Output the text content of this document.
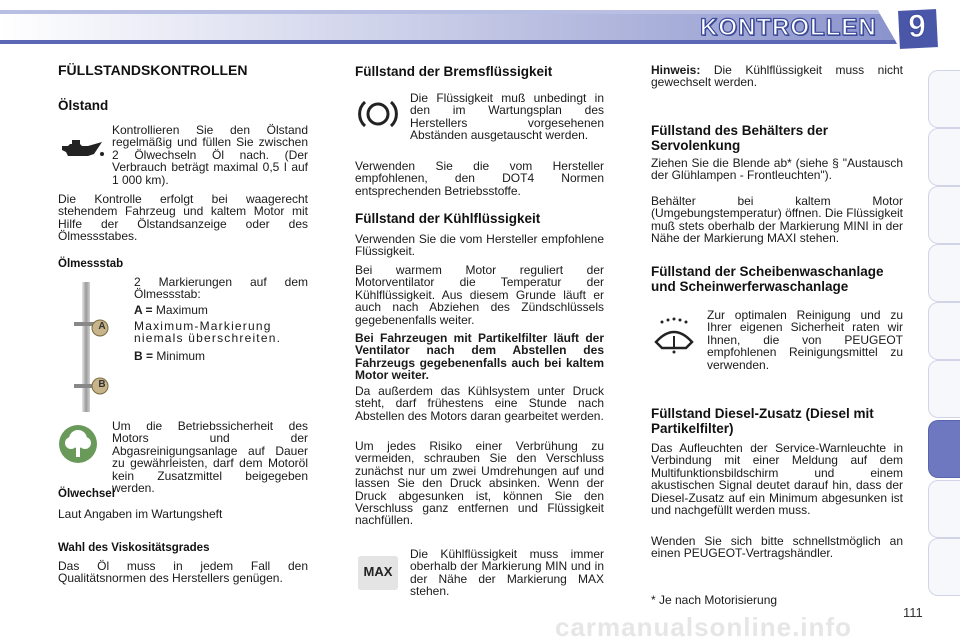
KONTROLLEN 9
FÜLLSTANDSKONTROLLEN
Ölstand
Kontrollieren Sie den Ölstand regelmäßig und füllen Sie zwischen 2 Ölwechseln Öl nach. (Der Verbrauch beträgt maximal 0,5 l auf 1 000 km).
Die Kontrolle erfolgt bei waagerecht stehendem Fahrzeug und kaltem Motor mit Hilfe der Ölstandsanzeige oder des Ölmessstabes.
Ölmessstab
A
B
2 Markierungen auf dem Ölmessstab:
A = Maximum
Maximum-Markierung niemals überschreiten.
B = Minimum
Um die Betriebssicherheit des Motors und der Abgasreinigungsanlage auf Dauer zu gewährleisten, darf dem Motoröl kein Zusatzmittel beigegeben werden.
Ölwechsel
Laut Angaben im Wartungsheft
Wahl des Viskositätsgrades
Das Öl muss in jedem Fall den Qualitätsnormen des Herstellers genügen.
Füllstand der Bremsflüssigkeit
Die Flüssigkeit muß unbedingt in den im Wartungsplan des Herstellers vorgesehenen Abständen ausgetauscht werden.
Verwenden Sie die vom Hersteller empfohlenen, den DOT4 Normen entsprechenden Betriebsstoffe.
Füllstand der Kühlflüssigkeit
Verwenden Sie die vom Hersteller empfohlene Flüssigkeit.
Bei warmem Motor reguliert der Motorventilator die Temperatur der Kühlflüssigkeit. Aus diesem Grunde läuft er auch nach Abziehen des Zündschlüssels gegebenenfalls weiter.
Bei Fahrzeugen mit Partikelfilter läuft der Ventilator nach dem Abstellen des Fahrzeugs gegebenenfalls auch bei kaltem Motor weiter.
Da außerdem das Kühlsystem unter Druck steht, darf frühestens eine Stunde nach Abstellen des Motors daran gearbeitet werden.
Um jedes Risiko einer Verbrühung zu vermeiden, schrauben Sie den Verschluss zunächst nur um zwei Umdrehungen auf und lassen Sie den Druck absinken. Wenn der Druck abgesunken ist, können Sie den Verschluss ganz entfernen und Flüssigkeit nachfüllen.
MAX
Die Kühlflüssigkeit muss immer oberhalb der Markierung MIN und in der Nähe der Markierung MAX stehen.
Hinweis: Die Kühlflüssigkeit muss nicht gewechselt werden.
Füllstand des Behälters der Servolenkung
Ziehen Sie die Blende ab* (siehe § "Austausch der Glühlampen - Frontleuchten").
Behälter bei kaltem Motor (Umgebungstemperatur) öffnen. Die Flüssigkeit muß stets oberhalb der Markierung MINI in der Nähe der Markierung MAXI stehen.
Füllstand der Scheibenwaschanlage und Scheinwerferwaschanlage
Zur optimalen Reinigung und zu Ihrer eigenen Sicherheit raten wir Ihnen, die von PEUGEOT empfohlenen Reinigungsmittel zu verwenden.
Füllstand Diesel-Zusatz (Diesel mit Partikelfilter)
Das Aufleuchten der Service-Warnleuchte in Verbindung mit einer Meldung auf dem Multifunktionsbildschirm und einem akustischen Signal deutet darauf hin, dass der Diesel-Zusatz auf ein Minimum abgesunken ist und nachgefüllt werden muss.
Wenden Sie sich bitte schnellstmöglich an einen PEUGEOT-Vertragshändler.
* Je nach Motorisierung
carmanualsonline.info	111
